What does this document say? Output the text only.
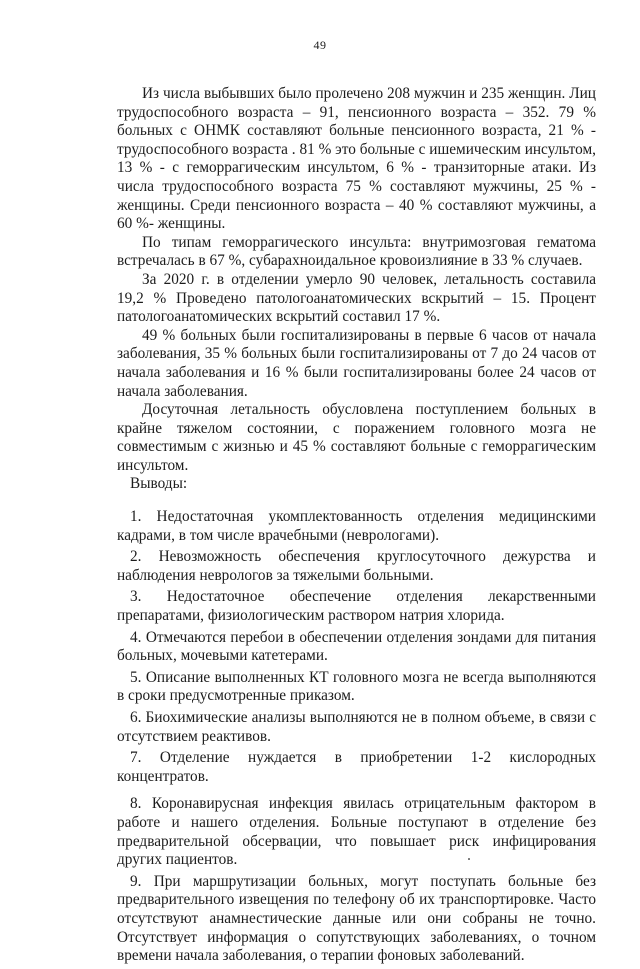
49

Из числа выбывших было пролечено 208 мужчин и 235 женщин. Лиц трудоспособного возраста – 91, пенсионного возраста – 352. 79 % больных с ОНМК составляют больные пенсионного возраста, 21 % - трудоспособного возраста . 81 % это больные с ишемическим инсультом, 13 % - с геморрагическим инсультом, 6 % - транзиторные атаки. Из числа трудоспособного возраста 75 % составляют мужчины, 25 % - женщины. Среди пенсионного возраста – 40 % составляют мужчины, а 60 %- женщины.

По типам геморрагического инсульта: внутримозговая гематома встречалась в 67 %, субарахноидальное кровоизлияние в 33 % случаев.

За 2020 г. в отделении умерло 90 человек, летальность составила 19,2 % Проведено патологоанатомических вскрытий – 15. Процент патологоанатомических вскрытий составил 17 %.

49 % больных были госпитализированы в первые 6 часов от начала заболевания, 35 % больных были госпитализированы от 7 до 24 часов от начала заболевания и 16 % были госпитализированы более 24 часов от начала заболевания.

Досуточная летальность обусловлена поступлением больных в крайне тяжелом состоянии, с поражением головного мозга не совместимым с жизнью и 45 % составляют больные с геморрагическим инсультом.

Выводы:

1. Недостаточная укомплектованность отделения медицинскими кадрами, в том числе врачебными (неврологами).
2. Невозможность обеспечения круглосуточного дежурства и наблюдения неврологов за тяжелыми больными.
3. Недостаточное обеспечение отделения лекарственными препаратами, физиологическим раствором натрия хлорида.
4. Отмечаются перебои в обеспечении отделения зондами для питания больных, мочевыми катетерами.
5. Описание выполненных КТ головного мозга не всегда выполняются в сроки предусмотренные приказом.
6. Биохимические анализы выполняются не в полном объеме, в связи с отсутствием реактивов.
7. Отделение нуждается в приобретении 1-2 кислородных концентратов.
8. Коронавирусная инфекция явилась отрицательным фактором в работе и нашего отделения. Больные поступают в отделение без предварительной обсервации, что повышает риск инфицирования других пациентов.
9. При маршрутизации больных, могут поступать больные без предварительного извещения по телефону об их транспортировке. Часто отсутствуют анамнестические данные или они собраны не точно. Отсутствует информация о сопутствующих заболеваниях, о точном времени начала заболевания, о терапии фоновых заболеваний.
